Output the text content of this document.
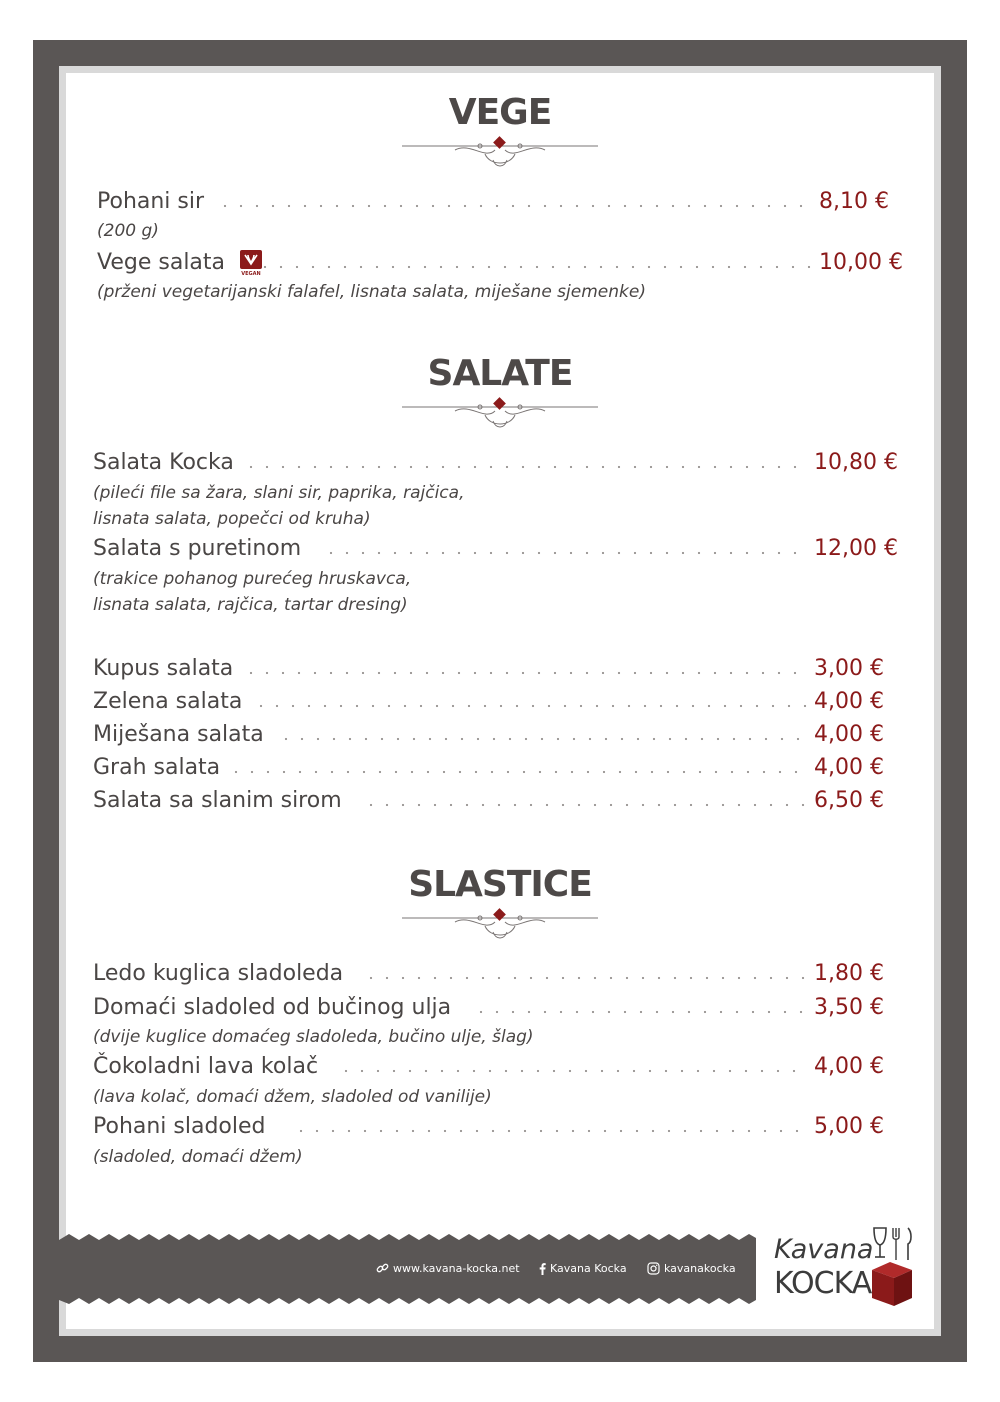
VEGE
Pohani sir	8,10 €
(200 g)
Vege salata	VEGAN	10,00 €
(prženi vegetarijanski falafel, lisnata salata, miješane sjemenke)
SALATE
Salata Kocka	10,80 €
(pileći file sa žara, slani sir, paprika, rajčica,
lisnata salata, popečci od kruha)
Salata s puretinom	12,00 €
(trakice pohanog purećeg hruskavca,
lisnata salata, rajčica, tartar dresing)
Kupus salata	3,00 €
Zelena salata	4,00 €
Miješana salata	4,00 €
Grah salata	4,00 €
Salata sa slanim sirom	6,50 €
SLASTICE
Ledo kuglica sladoleda	1,80 €
Domaći sladoled od bučinog ulja	3,50 €
(dvije kuglice domaćeg sladoleda, bučino ulje, šlag)
Čokoladni lava kolač	4,00 €
(lava kolač, domaći džem, sladoled od vanilije)
Pohani sladoled	5,00 €
(sladoled, domaći džem)
www.kavana-kocka.net	Kavana Kocka	kavanakocka
Kavana
KOCKA
